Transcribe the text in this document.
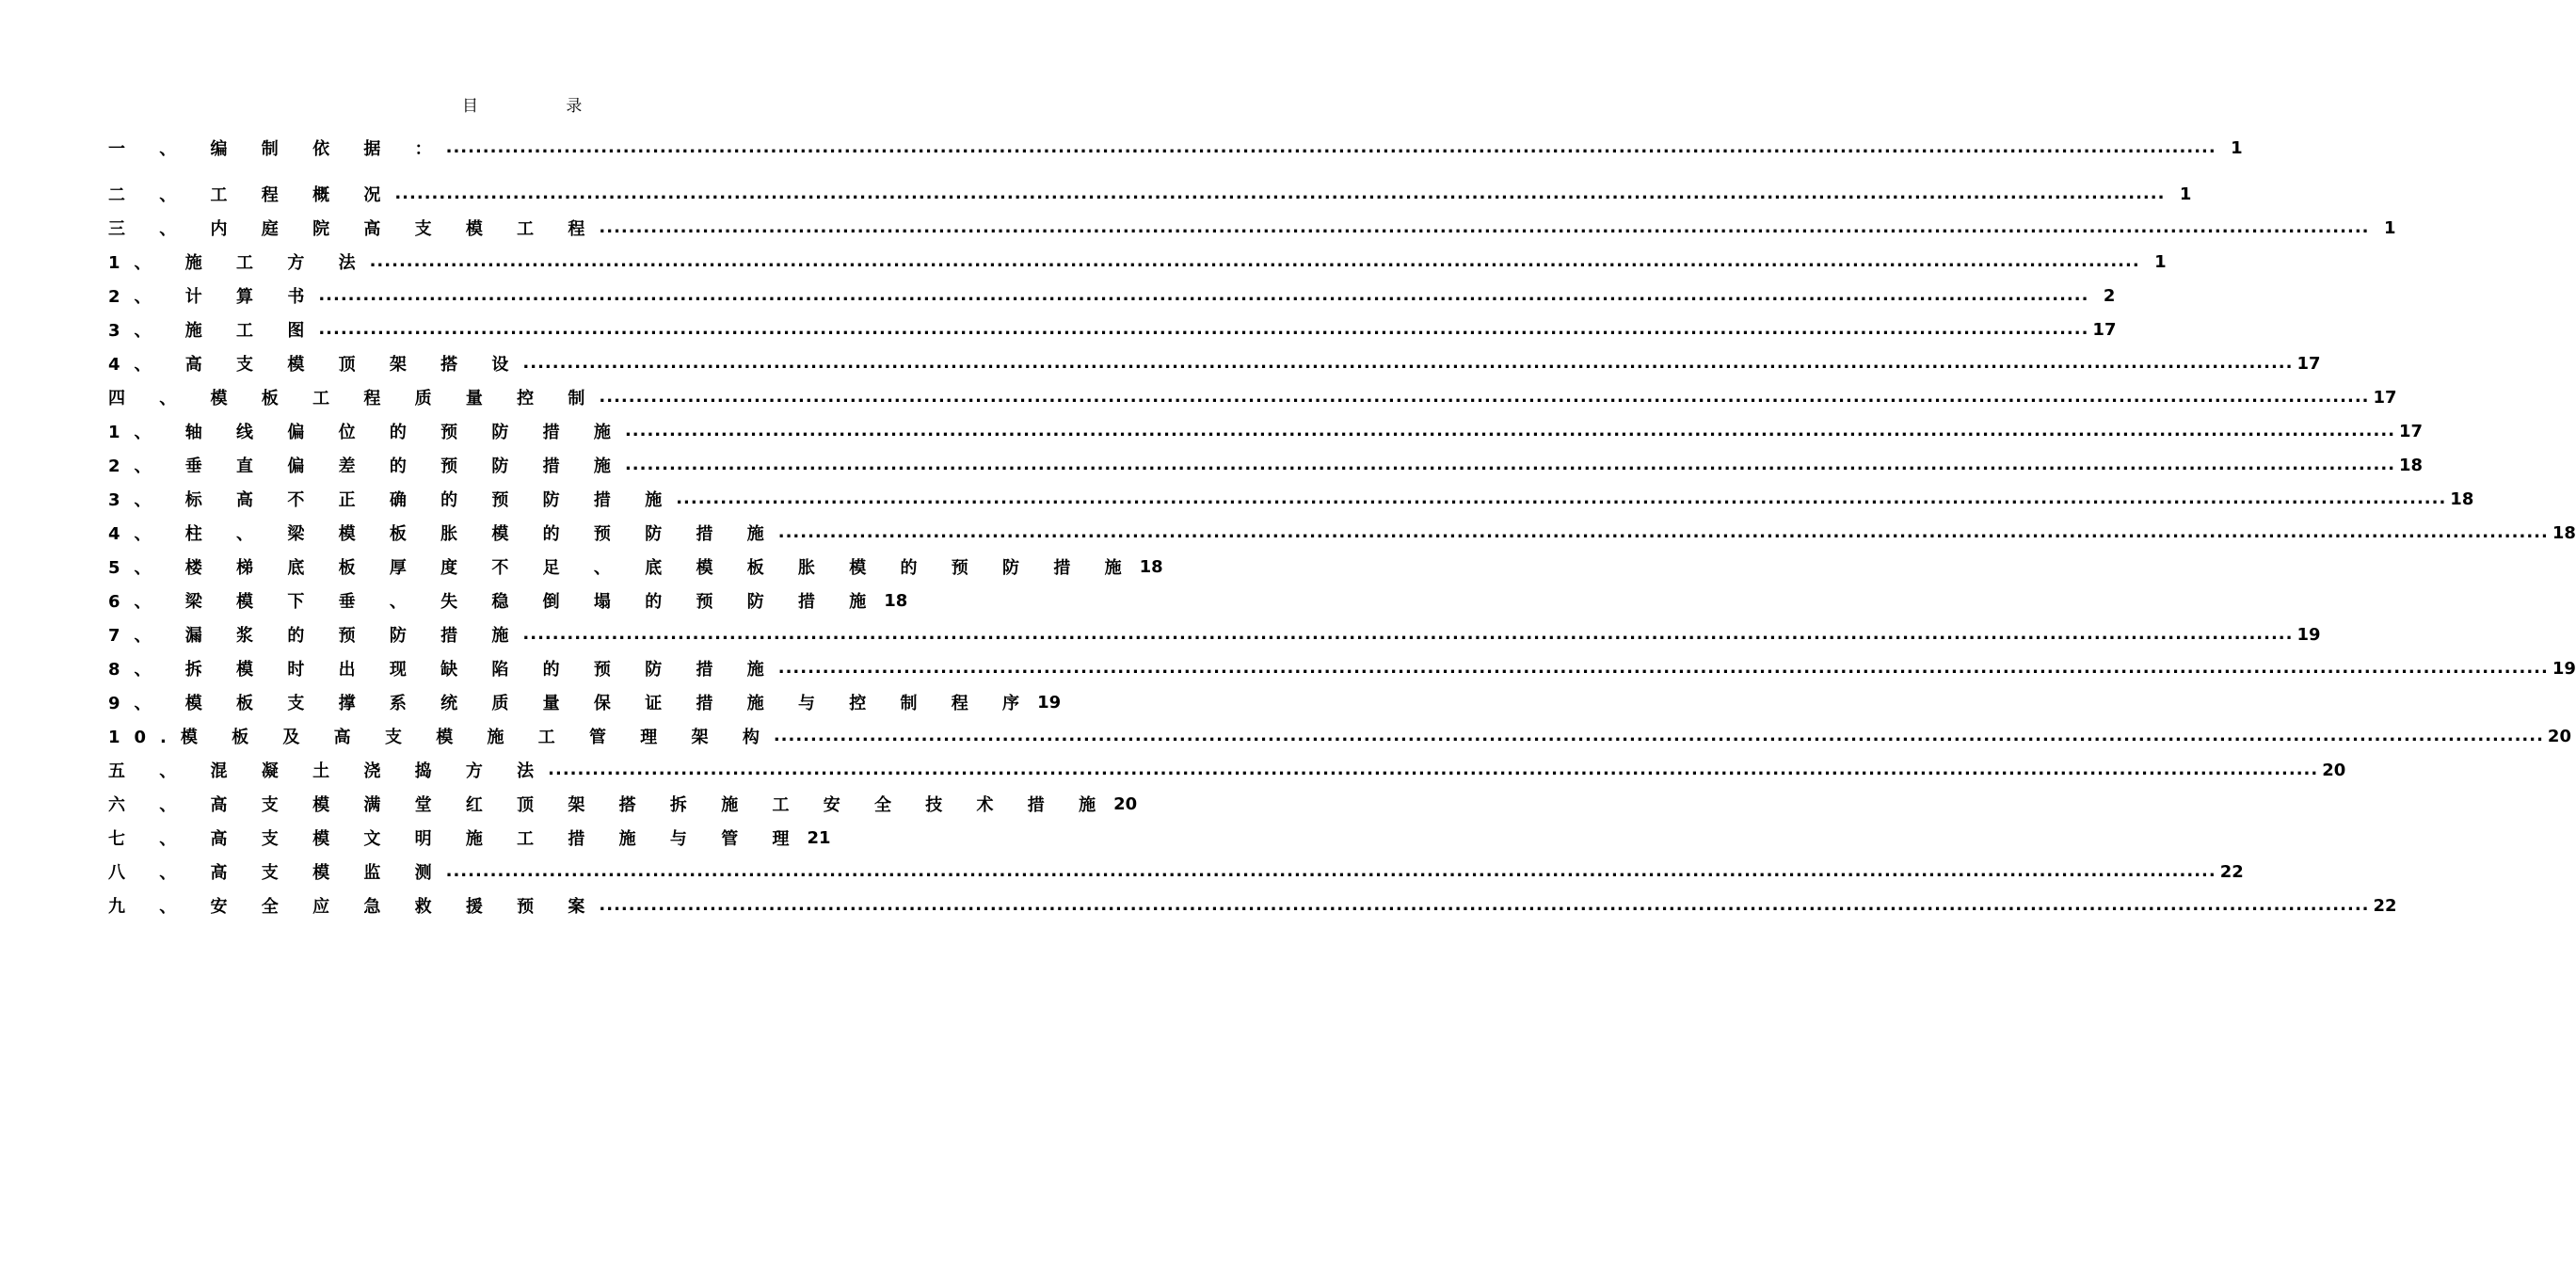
目 录
一 、 编 制 依 据 ： .....	1
二 、 工 程 概 况 .....	1
三 、 内 庭 院 高 支 模 工 程 .....	1
1、 施 工 方 法 .....	1
2、 计 算 书 .....	2
3、 施 工 图 .....	17
4、 高 支 模 顶 架 搭 设 .....	17
四 、 模 板 工 程 质 量 控 制 .....	17
1、 轴 线 偏 位 的 预 防 措 施 .....	17
2、 垂 直 偏 差 的 预 防 措 施 .....	18
3、 标 高 不 正 确 的 预 防 措 施 .....	18
4、 柱 、 梁 模 板 胀 模 的 预 防 措 施 .....	18
5、 楼 梯 底 板 厚 度 不 足 、 底 模 板 胀 模 的 预 防 措 施 18
6、 梁 模 下 垂 、 失 稳 倒 塌 的 预 防 措 施 18
7、 漏 浆 的 预 防 措 施 .....	19
8、 拆 模 时 出 现 缺 陷 的 预 防 措 施 .....	19
9、 模 板 支 撑 系 统 质 量 保 证 措 施 与 控 制 程 序 19
10.模 板 及 高 支 模 施 工 管 理 架 构 .....	20
五 、 混 凝 土 浇 捣 方 法 .....	20
六 、 高 支 模 满 堂 红 顶 架 搭 拆 施 工 安 全 技 术 措 施 20
七 、 高 支 模 文 明 施 工 措 施 与 管 理 21
八 、 高 支 模 监 测 .....	22
九 、 安 全 应 急 救 援 预 案 .....	22
